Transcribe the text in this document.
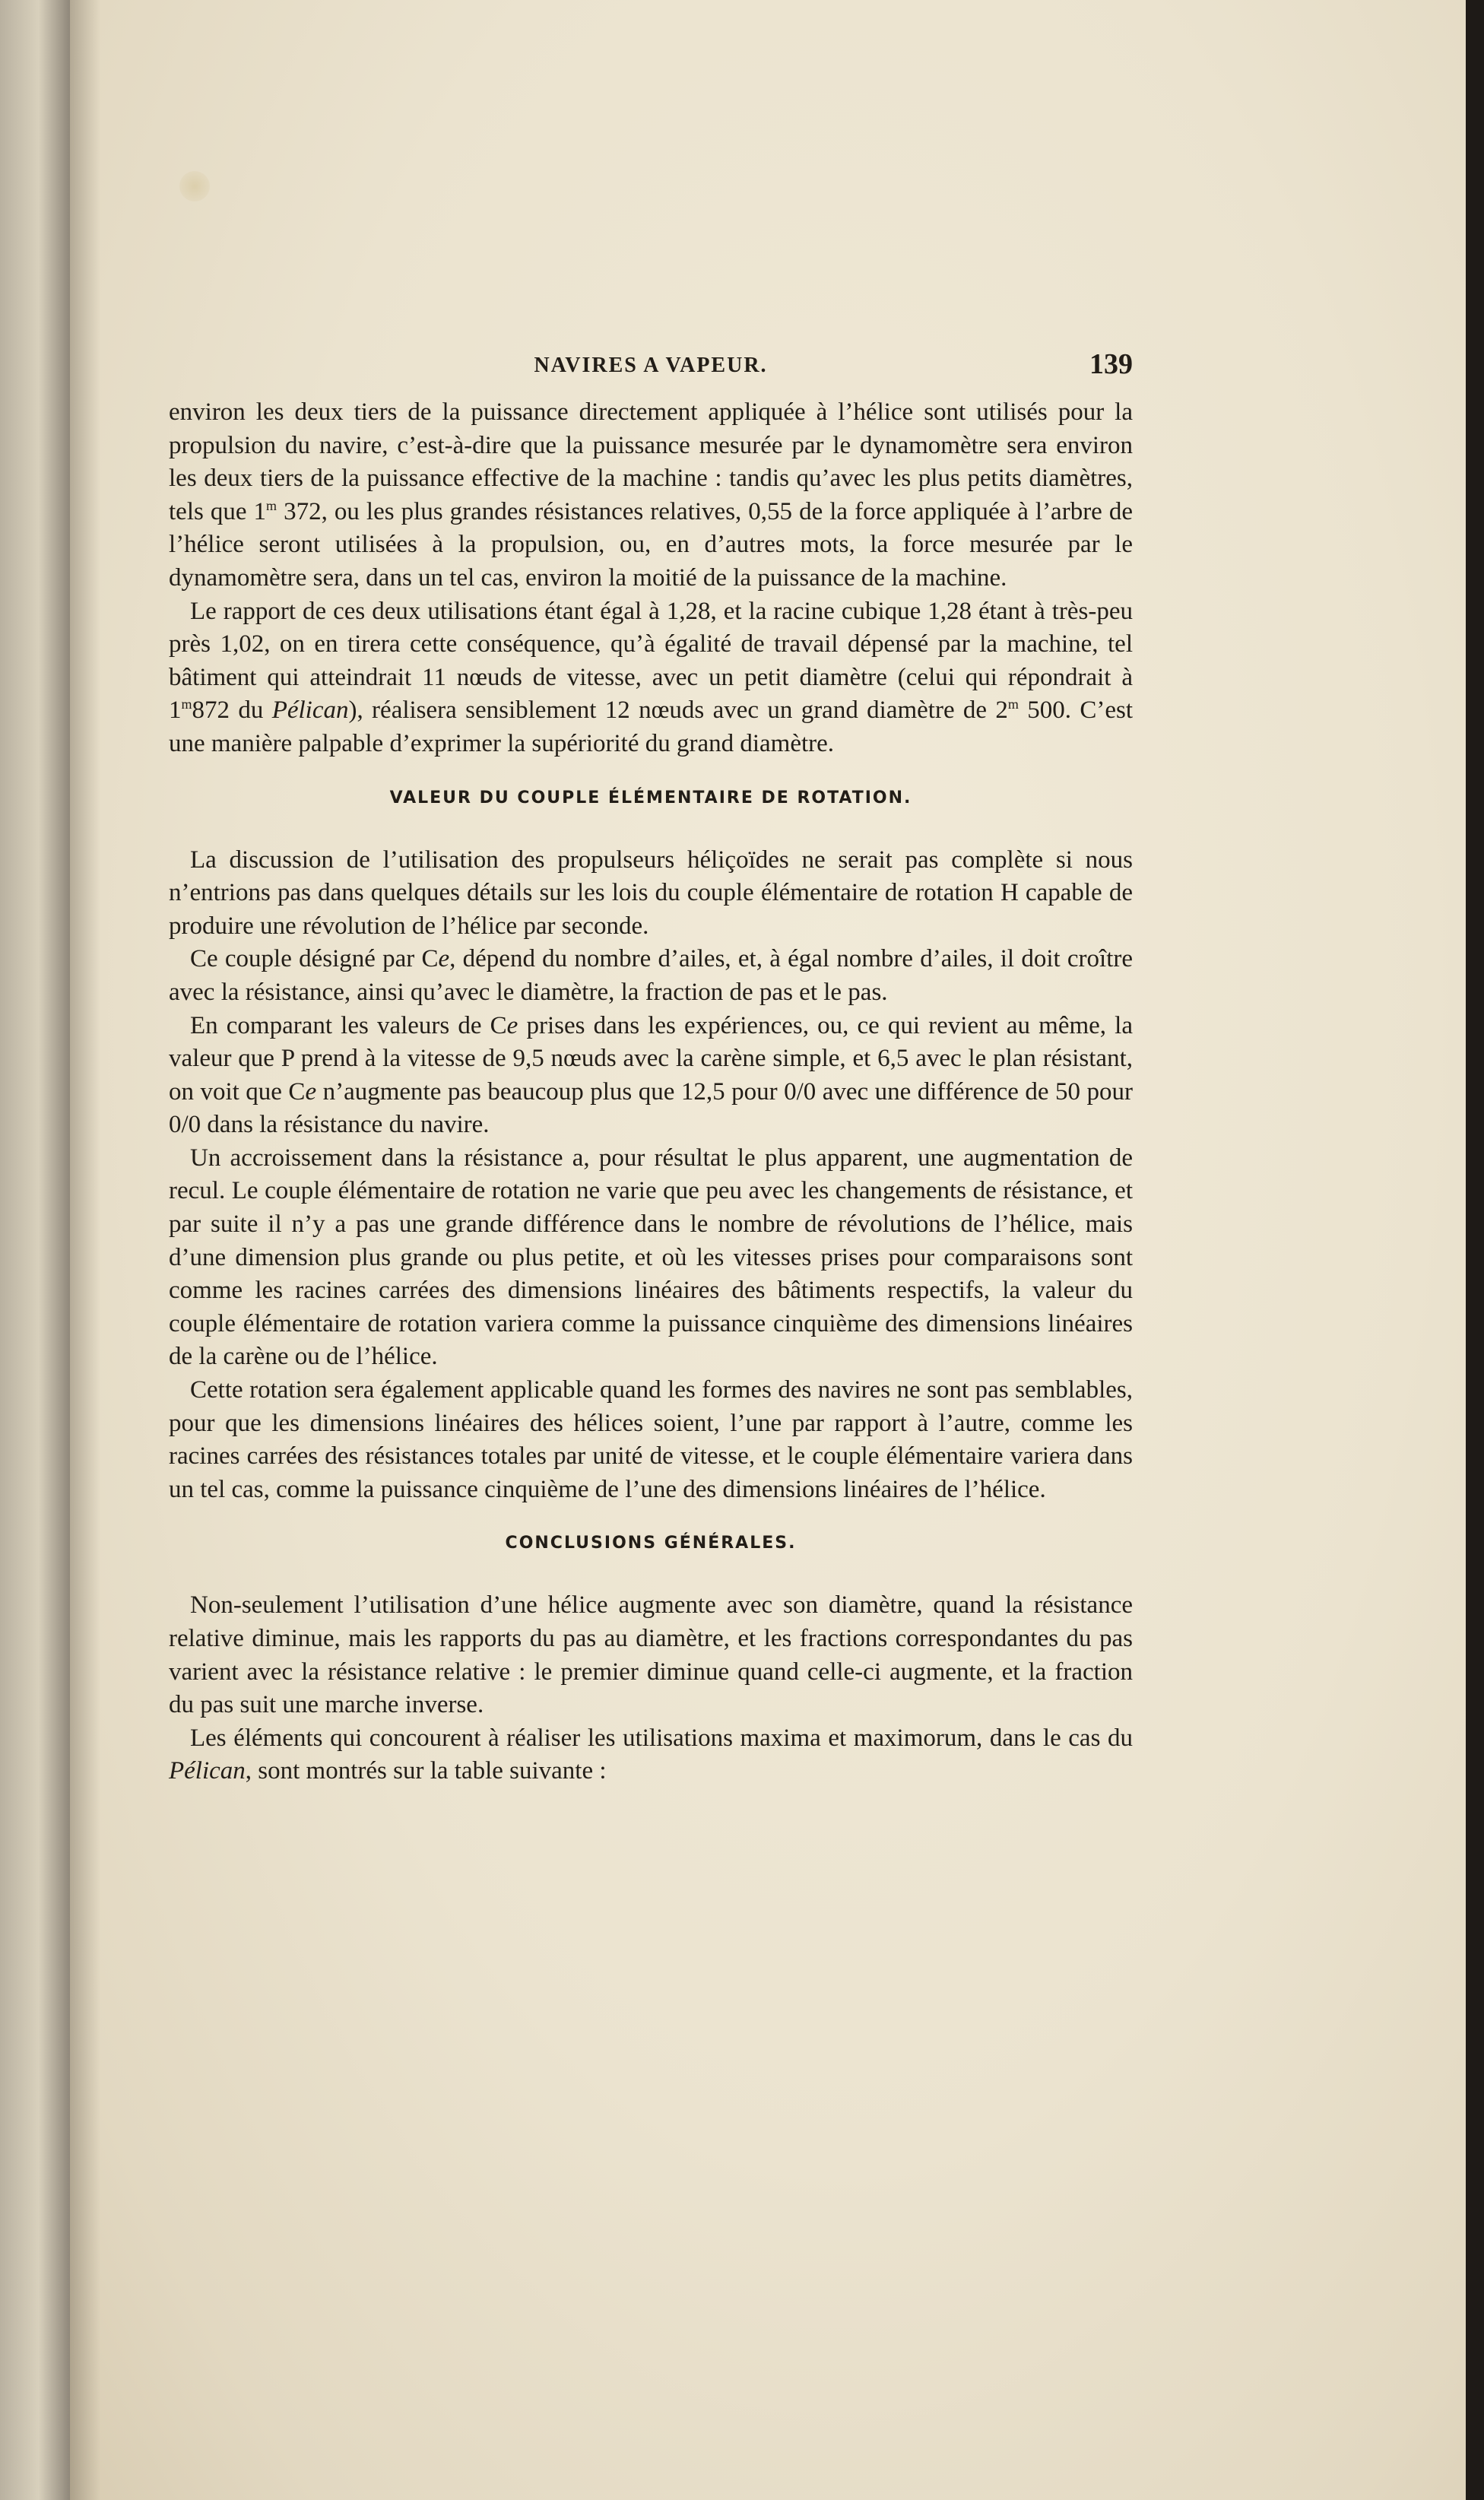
NAVIRES A VAPEUR.	139

environ les deux tiers de la puissance directement appliquée à l’hélice sont utilisés pour la propulsion du navire, c’est-à-dire que la puissance mesurée par le dynamomètre sera environ les deux tiers de la puissance effective de la machine : tandis qu’avec les plus petits diamètres, tels que 1$^m$ 372, ou les plus grandes résistances relatives, 0,55 de la force appliquée à l’arbre de l’hélice seront utilisées à la propulsion, ou, en d’autres mots, la force mesurée par le dynamomètre sera, dans un tel cas, environ la moitié de la puissance de la machine.

Le rapport de ces deux utilisations étant égal à 1,28, et la racine cubique 1,28 étant à très-peu près 1,02, on en tirera cette conséquence, qu’à égalité de travail dépensé par la machine, tel bâtiment qui atteindrait 11 nœuds de vitesse, avec un petit diamètre (celui qui répondrait à 1$^m$872 du Pélican), réalisera sensiblement 12 nœuds avec un grand diamètre de 2$^m$ 500. C’est une manière palpable d’exprimer la supériorité du grand diamètre.

VALEUR DU COUPLE ÉLÉMENTAIRE DE ROTATION.

La discussion de l’utilisation des propulseurs héliçoïdes ne serait pas complète si nous n’entrions pas dans quelques détails sur les lois du couple élémentaire de rotation H capable de produire une révolution de l’hélice par seconde.

Ce couple désigné par Ce, dépend du nombre d’ailes, et, à égal nombre d’ailes, il doit croître avec la résistance, ainsi qu’avec le diamètre, la fraction de pas et le pas.

En comparant les valeurs de Ce prises dans les expériences, ou, ce qui revient au même, la valeur que P prend à la vitesse de 9,5 nœuds avec la carène simple, et 6,5 avec le plan résistant, on voit que Ce n’augmente pas beaucoup plus que 12,5 pour 0/0 avec une différence de 50 pour 0/0 dans la résistance du navire.

Un accroissement dans la résistance a, pour résultat le plus apparent, une augmentation de recul. Le couple élémentaire de rotation ne varie que peu avec les changements de résistance, et par suite il n’y a pas une grande différence dans le nombre de révolutions de l’hélice, mais d’une dimension plus grande ou plus petite, et où les vitesses prises pour comparaisons sont comme les racines carrées des dimensions linéaires des bâtiments respectifs, la valeur du couple élémentaire de rotation variera comme la puissance cinquième des dimensions linéaires de la carène ou de l’hélice.

Cette rotation sera également applicable quand les formes des navires ne sont pas semblables, pour que les dimensions linéaires des hélices soient, l’une par rapport à l’autre, comme les racines carrées des résistances totales par unité de vitesse, et le couple élémentaire variera dans un tel cas, comme la puissance cinquième de l’une des dimensions linéaires de l’hélice.

CONCLUSIONS GÉNÉRALES.

Non-seulement l’utilisation d’une hélice augmente avec son diamètre, quand la résistance relative diminue, mais les rapports du pas au diamètre, et les fractions correspondantes du pas varient avec la résistance relative : le premier diminue quand celle-ci augmente, et la fraction du pas suit une marche inverse.

Les éléments qui concourent à réaliser les utilisations maxima et maximorum, dans le cas du Pélican, sont montrés sur la table suivante :
